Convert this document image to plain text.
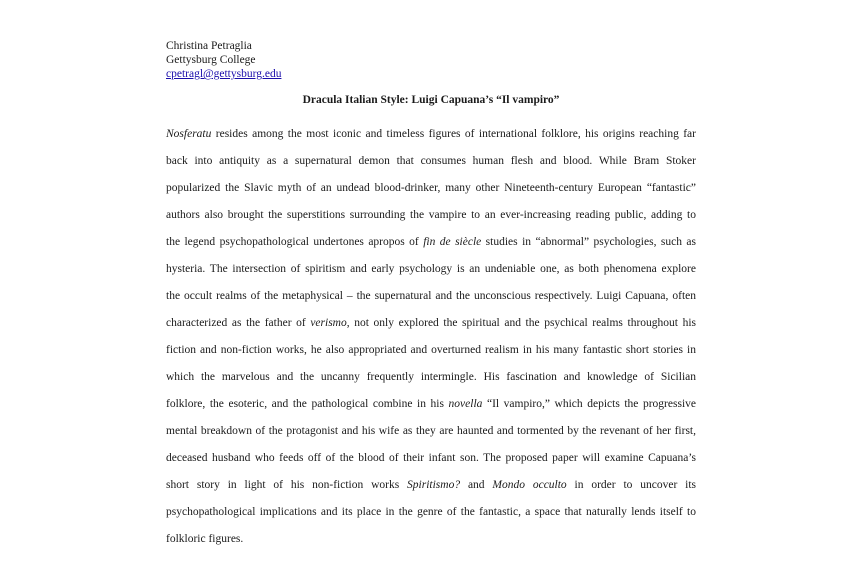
Christina Petraglia
Gettysburg College
cpetragl@gettysburg.edu
Dracula Italian Style: Luigi Capuana’s “Il vampiro”
Nosferatu resides among the most iconic and timeless figures of international folklore, his origins reaching far
back into antiquity as a supernatural demon that consumes human flesh and blood. While Bram Stoker
popularized the Slavic myth of an undead blood-drinker, many other Nineteenth-century European “fantastic”
authors also brought the superstitions surrounding the vampire to an ever-increasing reading public, adding to
the legend psychopathological undertones apropos of fin de siècle studies in “abnormal” psychologies, such as
hysteria. The intersection of spiritism and early psychology is an undeniable one, as both phenomena explore
the occult realms of the metaphysical – the supernatural and the unconscious respectively. Luigi Capuana, often
characterized as the father of verismo, not only explored the spiritual and the psychical realms throughout his
fiction and non-fiction works, he also appropriated and overturned realism in his many fantastic short stories in
which the marvelous and the uncanny frequently intermingle. His fascination and knowledge of Sicilian
folklore, the esoteric, and the pathological combine in his novella “Il vampiro,” which depicts the progressive
mental breakdown of the protagonist and his wife as they are haunted and tormented by the revenant of her first,
deceased husband who feeds off of the blood of their infant son. The proposed paper will examine Capuana’s
short story in light of his non-fiction works Spiritismo? and Mondo occulto in order to uncover its
psychopathological implications and its place in the genre of the fantastic, a space that naturally lends itself to
folkloric figures.
